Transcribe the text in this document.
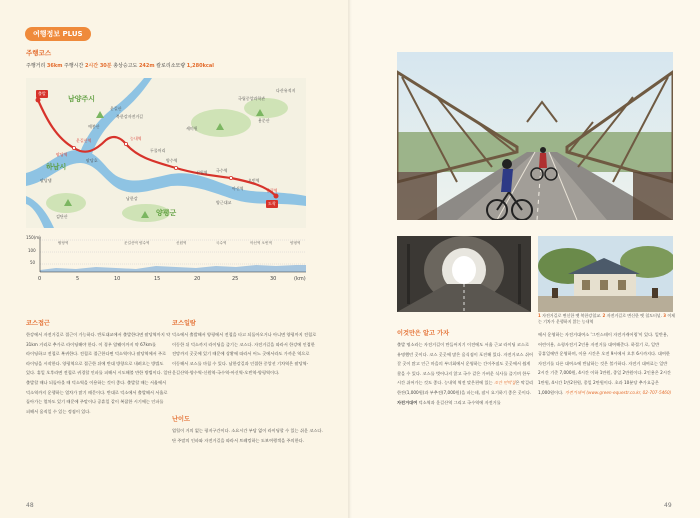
여행정보 PLUS
주행코스
주행거리 36km 주행시간 2시간 30분 총상승고도 242m 칼로리소모량 1,280kcal
남양주시
하남시
양평군
출발
도착
운길산역
팔당역
양평역
능내역
팔당댐
예봉산
운길산
북한강자전거길
국립중앙과학관
다산유적지
두물머리
양수역
신원역 국수역
아신역
오빈역
양근대교
세미원
검단산
남한강
팔당호
용문산
150(m)
100
50
팔당역	운길산역 양수역	신원역	국수역	아신역 오빈역	양평역
0	5	10	15	20	25	30	(km)
코스접근
한강에서 자전거길로 접근이 가능하다. 반포대교에서 출발한다면 팔당역까지 약 31km 거리로 추가로 라이딩해야 한다. 이 경우 암웨이까지 약 67km를 라이딩하고 전철로 복귀한다. 전철로 접근한다면 덕소역이나 팔당역에서 주로 라이딩을 시작한다. 양평역으로 접근한 뒤에 반대 방향으로 내려오는 방법도 있다. 휴일 오후라면 전철로 귀경할 인파를 피해서 시도해볼 만한 방법이다. 일단 출발할 때나 되돌아올 때 덕소역을 이용하는 것이 좋다. 출발할 때는 서울에서 덕소역까지 운행하는 열차가 많기 때문이다. 반대로 덕소에서 출발해서 서울로 돌아가는 열차도 있기 때문에 주말이나 공휴일 같이 복잡한 시기에는 인파를 피해서 움직일 수 있는 정점이 있다.
코스일람
덕소에서 출발해서 양평에서 전철을 타고 되돌아오거나 아니면 양평까지 전철로 이동한 뒤 덕소까지 라이딩을 즐기는 코스다. 자전거길을 따라서 한강에 인접한 전망까지 곳곳에 있기 때문에 상황에 따라서 어느 곳에서라도 가까운 역으로 이동해서 코스를 마칠 수 있다. 남한강길과 인접한 중앙선 기차역은 팔당역-운길산역-양수역-신원역-국수역-아신역-오빈역-양평역이다.
난이도
업힐이 거의 없는 평지구간이다. 소요시간 부담 없이 라이딩할 수 있는 쉬운 코스다. 단 주말의 인파와 자전거길을 따라서 트레킹하는 도보여행객을 주의한다.
48
1 자전거길로 변신한 옛 북한강철교. 2 자전거길로 변신한 옛 철도터널. 3 이제는 기차가 운행하지 않는 능내역
이것만은 알고 가자
출발 명소라는 자전거길이 만들어지기 이전에도 서울 근교 라이딩 코스로 유명했던 곳이다. 코스 곳곳에 많은 음식점이 포진해 있다. 자전거코스 쉬어 갈 곳이 많고 인근 마을의 부녀회에서 운영하는 간이주점도 곳곳에서 쉽게 찾을 수 있다. 코스를 벗어나지 않고 국수 같은 가벼운 식사를 즐기며 한두 시간 쉬어가는 것도 좋다. 능내역 역전 맞은편에 있는 조안 민박집은 막걸리 한잔(1,000원)과 부추전(7,000원)을 파는데, 잠시 요기하기 좋은 곳이다. 자전거대여 덕소역과 운길산역 그리고 국수역에 자전거를
에서 운영하는 자전거대여소 '그린스테이 자전거캐어링'이 있다. 일반용, 어린이용, 소형자전거 2인용 자전거를 대여해준다. 하절기 로, 일반 공휴일에만 운영하며, 이용 시간은 오전 9시에서 오후 6시까지다. 대여한 자전거를 다른 대여소에 반납하는 것은 불가하다. 자전거 대여료는 일반 2시간 기준 7,000원, 4시간 이하 1만원, 종일 2만원이다. 2인용은 2시간 1만원, 4시간 1만2천원, 종일 2만원이다. 초과 10분당 추가요금은 1,000원이다. 자전거대여 (www.green-equestr.co.kr, 02-707-5460)
49
